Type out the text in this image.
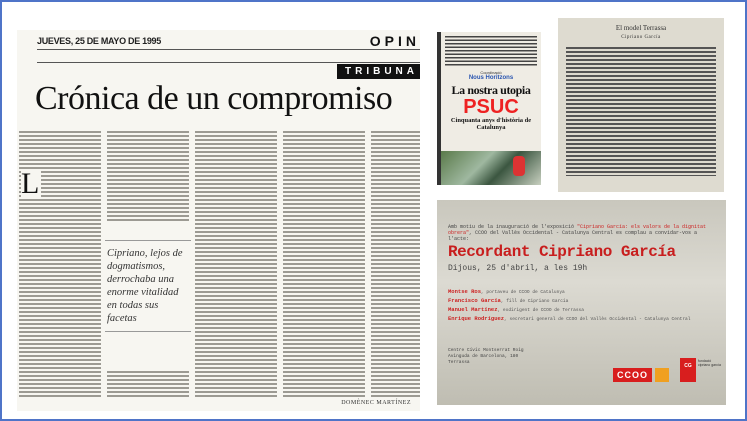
JUEVES, 25 DE MAYO DE 1995	OPIN
TRIBUNA
Crónica de un compromiso
L
Cipriano, lejos de dogmatismos, derrochaba una enorme vitalidad en todas sus facetas
DOMÈNEC MARTÍNEZ
Coordinació
Nous Horitzons
La nostra utopia
PSUC
Cinquanta anys d'història de Catalunya
El model Terrassa
Cipriano García
Amb motiu de la inauguració de l'exposició "Cipriano García: els valors de la dignitat obrera", CCOO del Vallès Occidental - Catalunya Central es complau a convidar-vos a l'acte:
Recordant Cipriano García
Dijous, 25 d'abril, a les 19h
Montse Ros, portaveu de CCOO de Catalunya
Francisco García, fill de Cipriano García
Manuel Martínez, exdirigent de CCOO de Terrassa
Enrique Rodríguez, secretari general de CCOO del Vallès Occidental - Catalunya Central
Centre Cívic Montserrat Roig
Avinguda de Barcelona, 180
Terrassa
CCOO
CG
fundació cipriano garcía
